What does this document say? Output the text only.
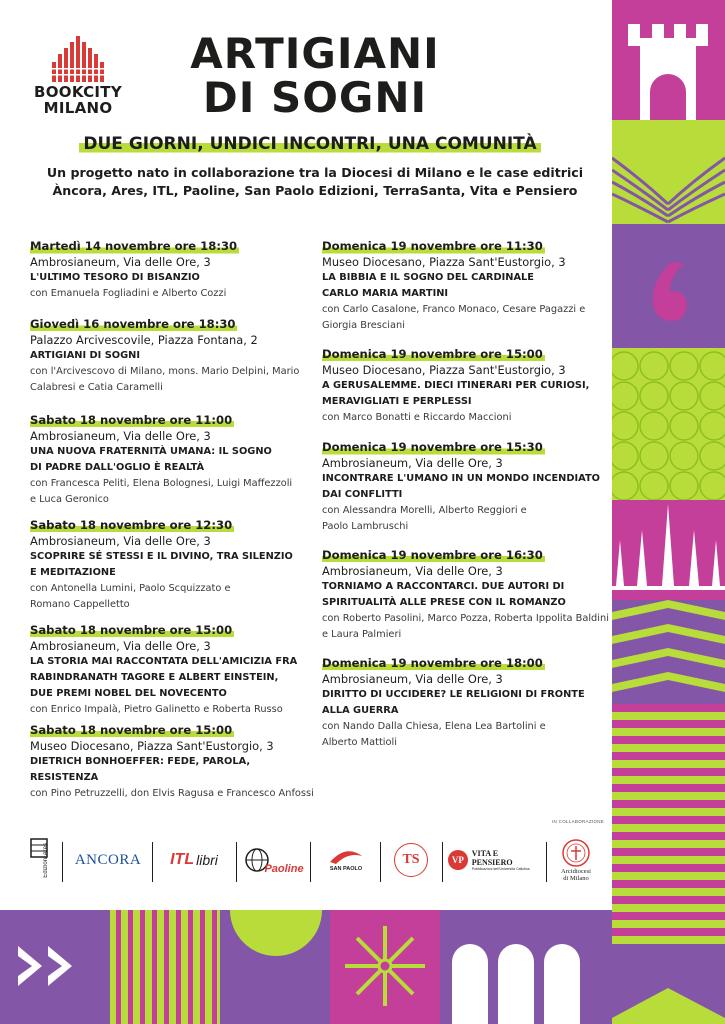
BOOKCITY
MILANO
ARTIGIANI
DI SOGNI
DUE GIORNI, UNDICI INCONTRI, UNA COMUNITÀ
Un progetto nato in collaborazione tra la Diocesi di Milano e le case editrici
Àncora, Ares, ITL, Paoline, San Paolo Edizioni, TerraSanta, Vita e Pensiero
Martedì 14 novembre ore 18:30
Ambrosianeum, Via delle Ore, 3
L'ULTIMO TESORO DI BISANZIO
con Emanuela Fogliadini e Alberto Cozzi
Giovedì 16 novembre ore 18:30
Palazzo Arcivescovile, Piazza Fontana, 2
ARTIGIANI DI SOGNI
con l'Arcivescovo di Milano, mons. Mario Delpini, Mario
Calabresi e Catia Caramelli
Sabato 18 novembre ore 11:00
Ambrosianeum, Via delle Ore, 3
UNA NUOVA FRATERNITÀ UMANA: IL SOGNO
DI PADRE DALL'OGLIO È REALTÀ
con Francesca Peliti, Elena Bolognesi, Luigi Maffezzoli
e Luca Geronico
Sabato 18 novembre ore 12:30
Ambrosianeum, Via delle Ore, 3
SCOPRIRE SÉ STESSI E IL DIVINO, TRA SILENZIO
E MEDITAZIONE
con Antonella Lumini, Paolo Scquizzato e
Romano Cappelletto
Sabato 18 novembre ore 15:00
Ambrosianeum, Via delle Ore, 3
LA STORIA MAI RACCONTATA DELL'AMICIZIA FRA
RABINDRANATH TAGORE E ALBERT EINSTEIN,
DUE PREMI NOBEL DEL NOVECENTO
con Enrico Impalà, Pietro Galinetto e Roberta Russo
Sabato 18 novembre ore 15:00
Museo Diocesano, Piazza Sant'Eustorgio, 3
DIETRICH BONHOEFFER: FEDE, PAROLA,
RESISTENZA
con Pino Petruzzelli, don Elvis Ragusa e Francesco Anfossi
Domenica 19 novembre ore 11:30
Museo Diocesano, Piazza Sant'Eustorgio, 3
LA BIBBIA E IL SOGNO DEL CARDINALE
CARLO MARIA MARTINI
con Carlo Casalone, Franco Monaco, Cesare Pagazzi e
Giorgia Bresciani
Domenica 19 novembre ore 15:00
Museo Diocesano, Piazza Sant'Eustorgio, 3
A GERUSALEMME. DIECI ITINERARI PER CURIOSI,
MERAVIGLIATI E PERPLESSI
con Marco Bonatti e Riccardo Maccioni
Domenica 19 novembre ore 15:30
Ambrosianeum, Via delle Ore, 3
INCONTRARE L'UMANO IN UN MONDO INCENDIATO
DAI CONFLITTI
con Alessandra Morelli, Alberto Reggiori e
Paolo Lambruschi
Domenica 19 novembre ore 16:30
Ambrosianeum, Via delle Ore, 3
TORNIAMO A RACCONTARCI. DUE AUTORI DI
SPIRITUALITÀ ALLE PRESE CON IL ROMANZO
con Roberto Pasolini, Marco Pozza, Roberta Ippolita Baldini
e Laura Palmieri
Domenica 19 novembre ore 18:00
Ambrosianeum, Via delle Ore, 3
DIRITTO DI UCCIDERE? LE RELIGIONI DI FRONTE
ALLA GUERRA
con Nando Dalla Chiesa, Elena Lea Bartolini e
Alberto Mattioli
IN COLLABORAZIONE
Edizioni Ares ANCORA ITL libri
Paoline	SAN PAOLO
TS	VP
VITA E PENSIERO
Pubblicazioni dell'Università Cattolica	Arcidiocesi
di Milano
